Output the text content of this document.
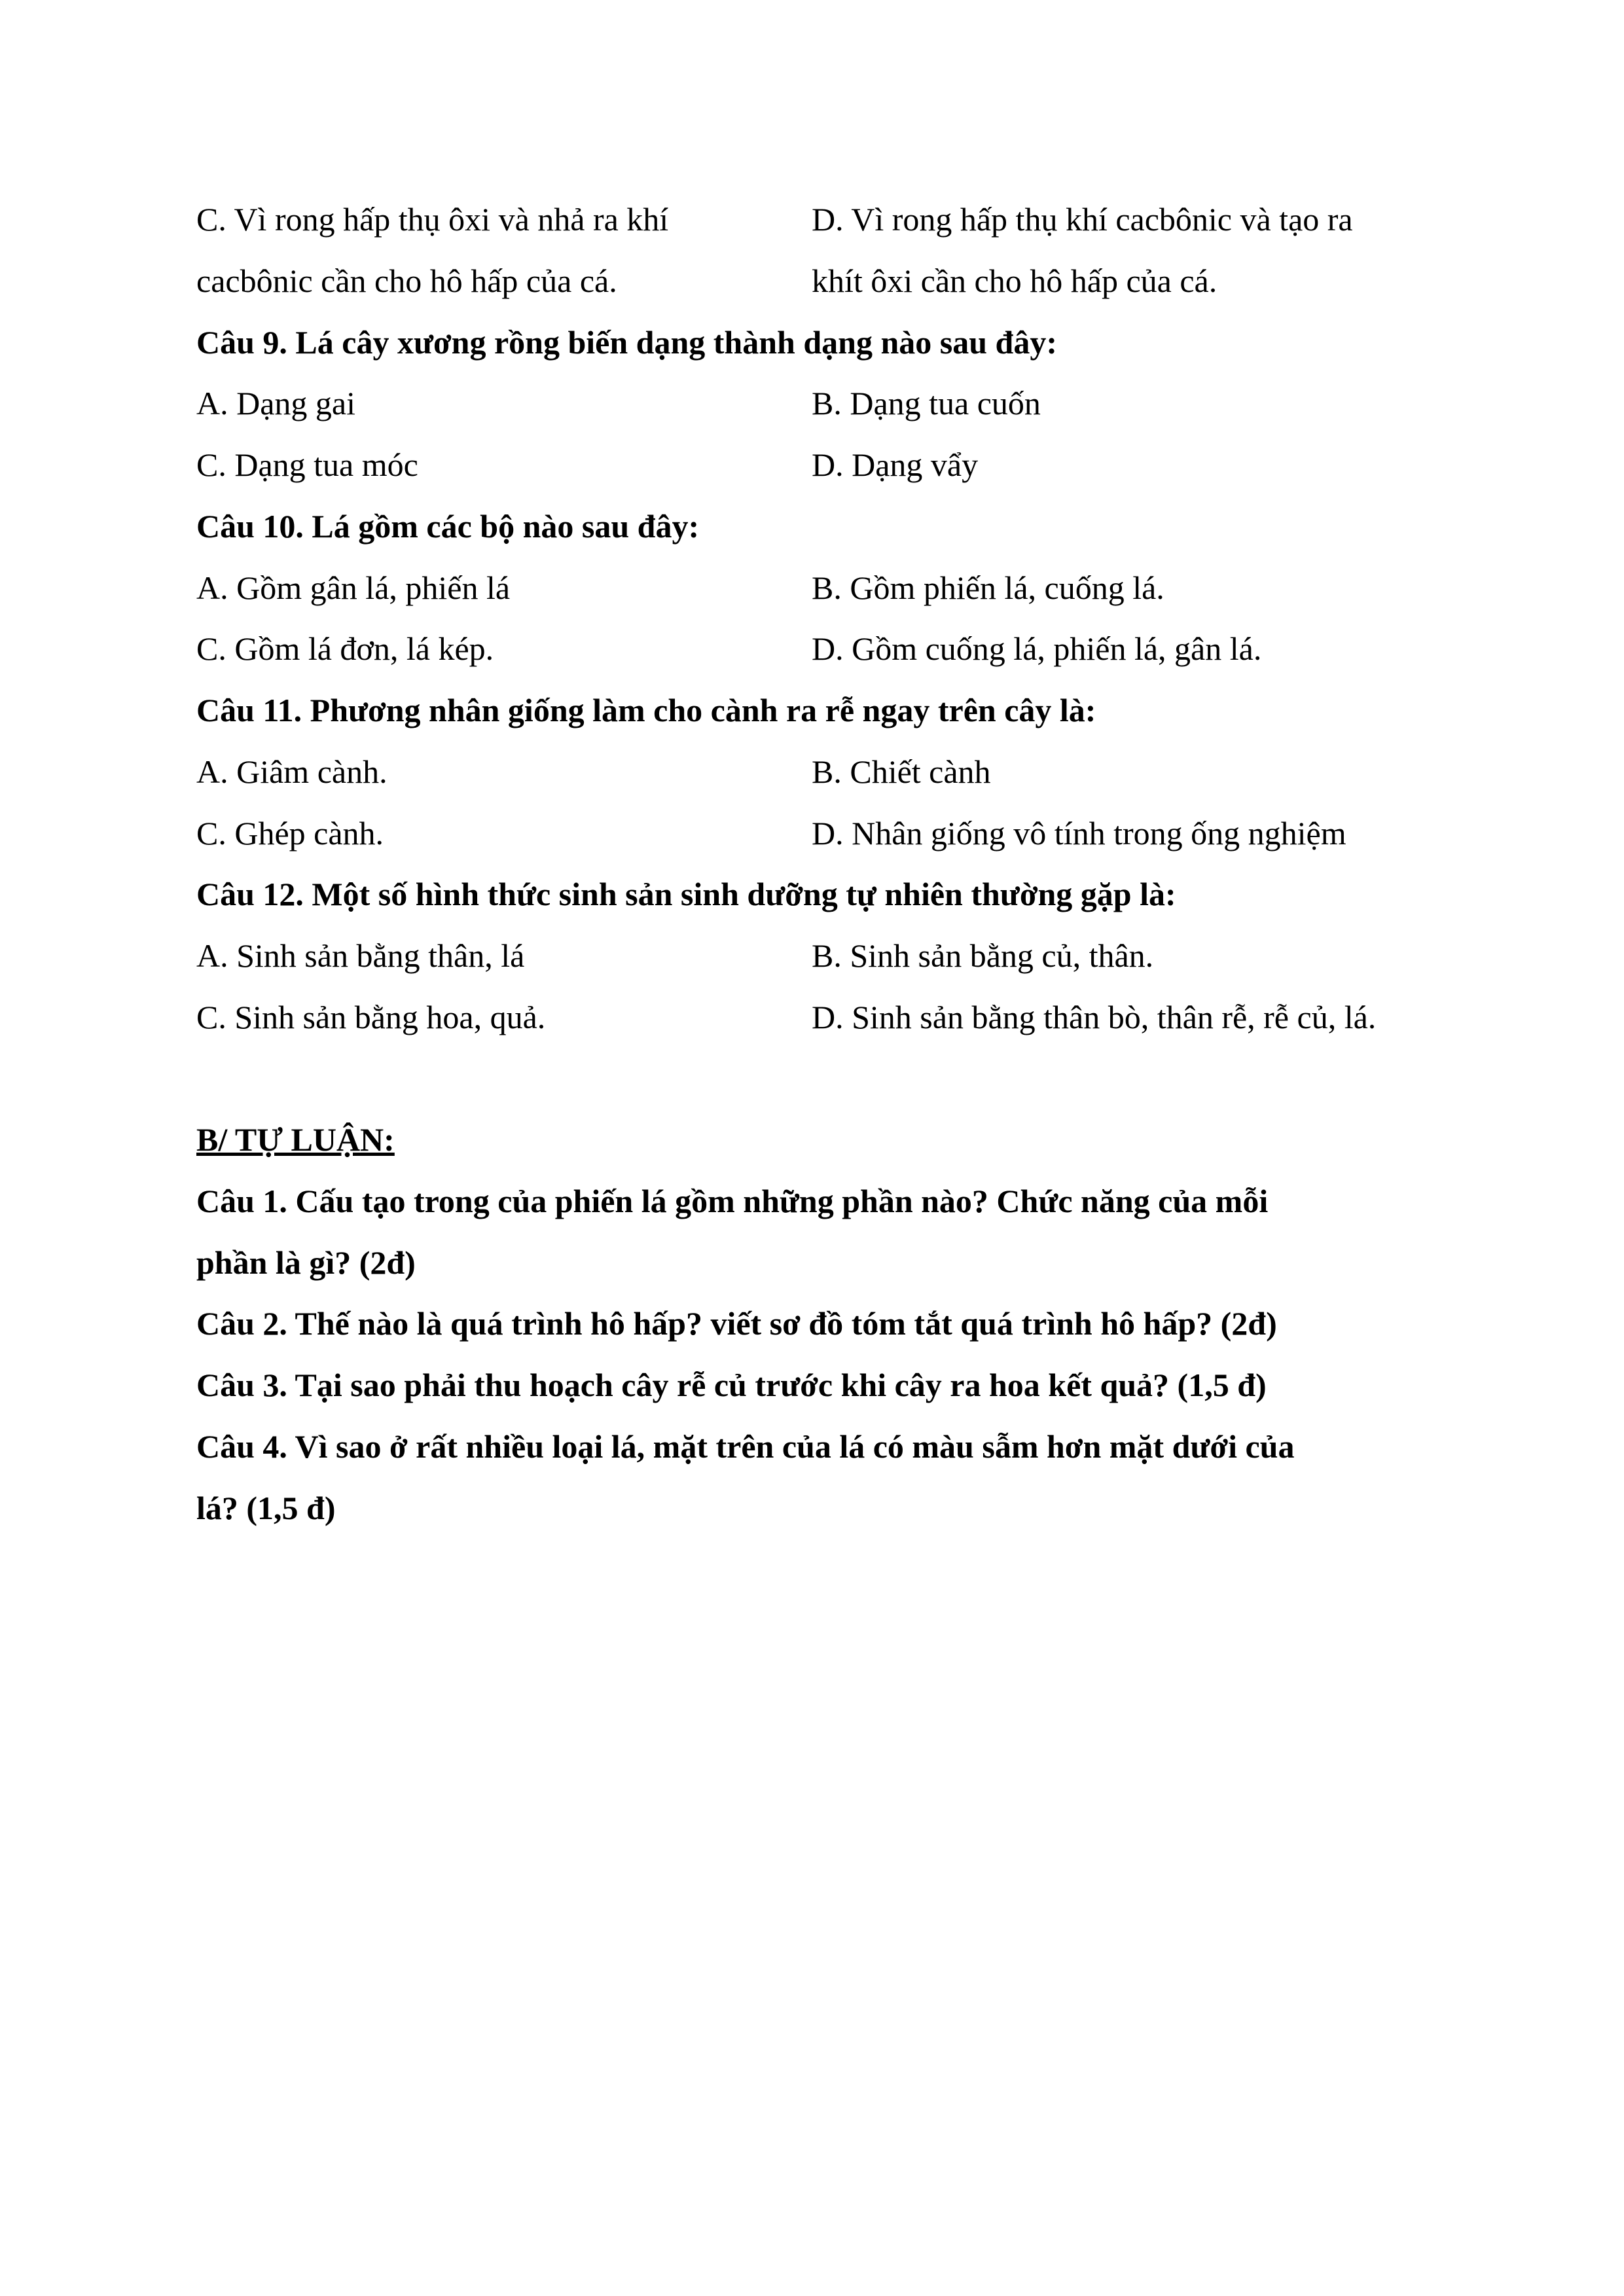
C. Vì rong hấp thụ ôxi và nhả ra khí	D. Vì rong hấp thụ khí cacbônic và tạo ra
cacbônic cần cho hô hấp của cá.	khít ôxi cần cho hô hấp của cá.
Câu 9. Lá cây xương rồng biến dạng thành dạng nào sau đây:
A. Dạng gai	B. Dạng tua cuốn
C. Dạng tua móc	D. Dạng vẩy
Câu 10. Lá gồm các bộ nào sau đây:
A. Gồm gân lá, phiến lá	B. Gồm phiến lá, cuống lá.
C. Gồm lá đơn, lá kép.	D. Gồm cuống lá, phiến lá, gân lá.
Câu 11. Phương nhân giống làm cho cành ra rễ ngay trên cây là:
A. Giâm cành.	B. Chiết cành
C. Ghép cành.	D. Nhân giống vô tính trong ống nghiệm
Câu 12. Một số hình thức sinh sản sinh dưỡng tự nhiên thường gặp là:
A. Sinh sản bằng thân, lá	B. Sinh sản bằng củ, thân.
C. Sinh sản bằng hoa, quả.	D. Sinh sản bằng thân bò, thân rễ, rễ củ, lá.
B/ TỰ LUẬN:
Câu 1. Cấu tạo trong của phiến lá gồm những phần nào? Chức năng của mỗi
phần là gì? (2đ)
Câu 2. Thế nào là quá trình hô hấp? viết sơ đồ tóm tắt quá trình hô hấp? (2đ)
Câu 3. Tại sao phải thu hoạch cây rễ củ trước khi cây ra hoa kết quả? (1,5 đ)
Câu 4. Vì sao ở rất nhiều loại lá, mặt trên của lá có màu sẫm hơn mặt dưới của
lá? (1,5 đ)
